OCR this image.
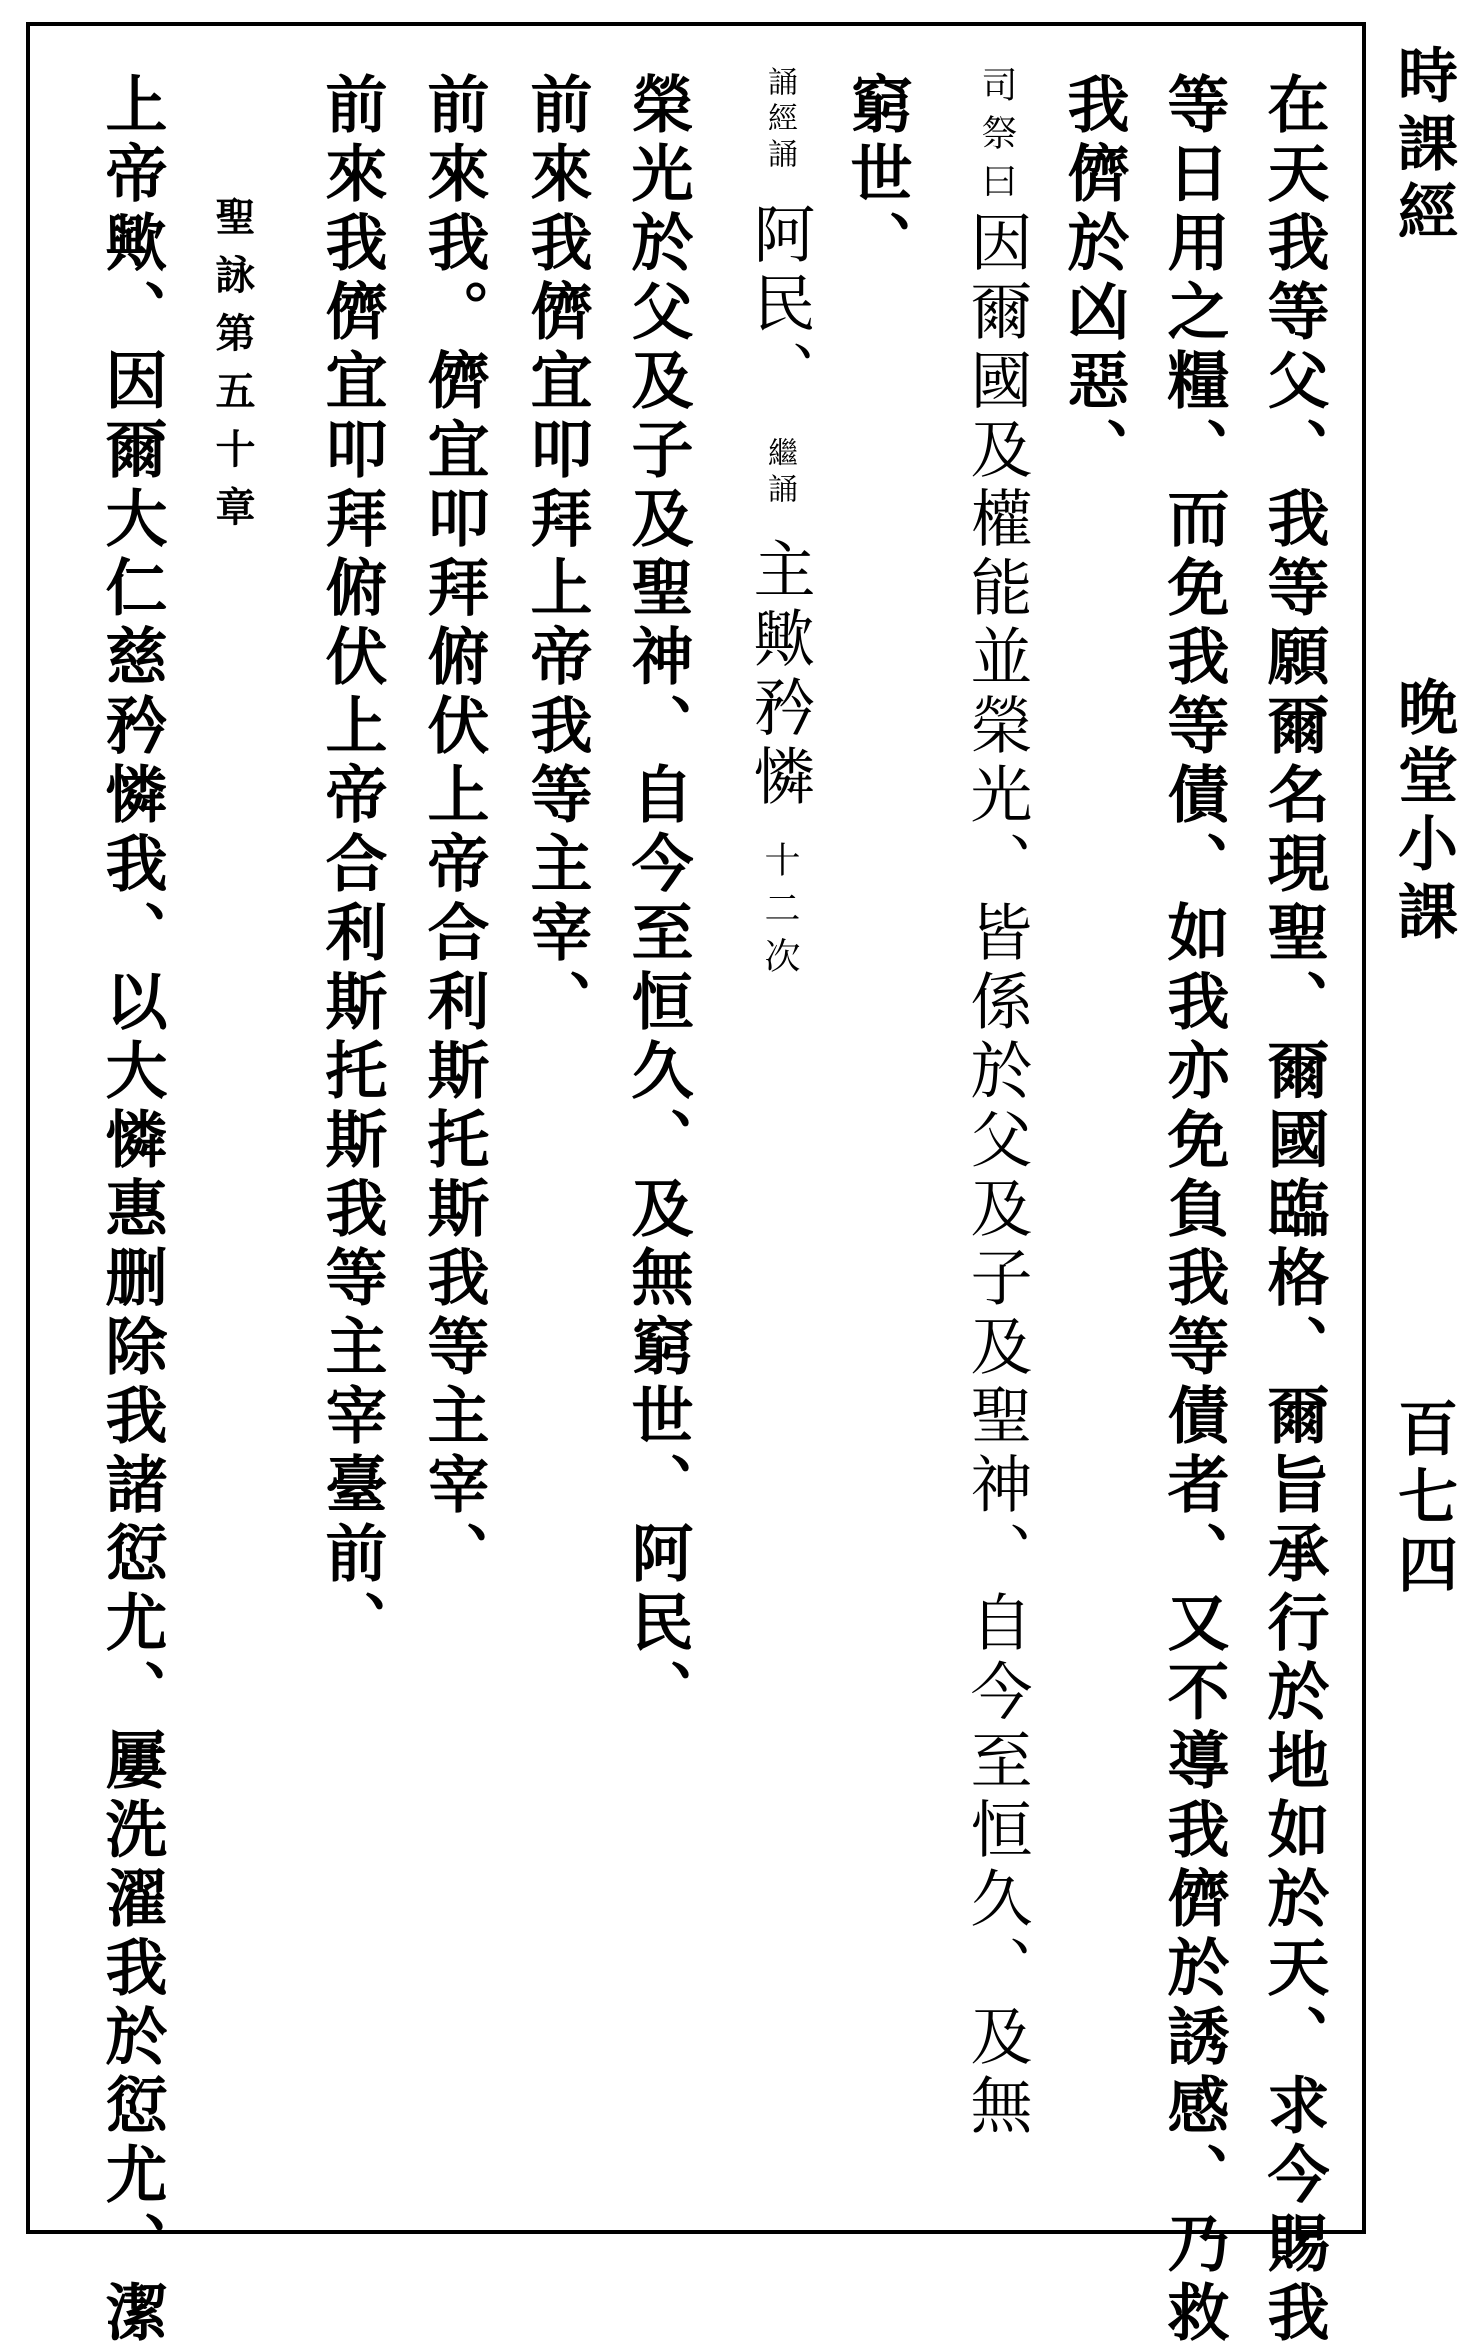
時課經
晚堂小課
百七四
在天我等父、我等願爾名現聖、爾國臨格、爾旨承行於地如於天、求今賜我
等日用之糧、而免我等債、如我亦免負我等債者、又不導我儕於誘感、乃救
我儕於凶惡、
司祭曰因爾國及權能並榮光、皆係於父及子及聖神、自今至恒久、及無
窮世、
誦經誦阿民、繼誦主歟矜憐十二次
榮光於父及子及聖神、自今至恒久、及無窮世、阿民、
前來我儕宜叩拜上帝我等主宰、
前來我。儕宜叩拜俯伏上帝合利斯托斯我等主宰、
前來我儕宜叩拜俯伏上帝合利斯托斯我等主宰臺前、
聖詠第五十章
上帝歟、因爾大仁慈矜憐我、以大憐惠删除我諸愆尤、屢洗濯我於愆尤、潔
